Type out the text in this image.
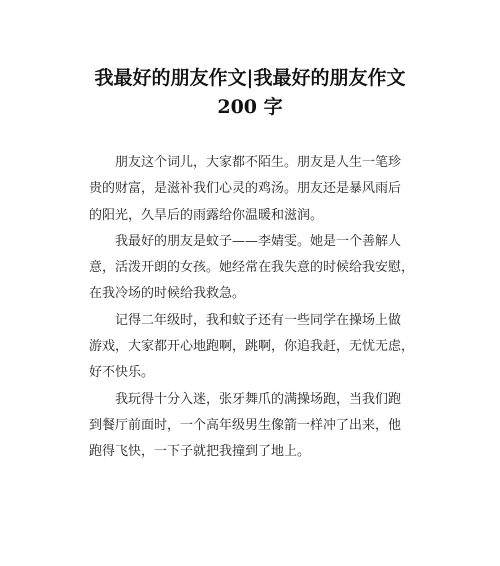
我最好的朋友作文|我最好的朋友作文
200 字
朋友这个词儿，大家都不陌生。朋友是人生一笔珍
贵的财富，是滋补我们心灵的鸡汤。朋友还是暴风雨后
的阳光，久旱后的雨露给你温暖和滋润。
我最好的朋友是蚊子——李婧雯。她是一个善解人
意，活泼开朗的女孩。她经常在我失意的时候给我安慰，
在我冷场的时候给我救急。
记得二年级时，我和蚊子还有一些同学在操场上做
游戏，大家都开心地跑啊，跳啊，你追我赶，无忧无虑，
好不快乐。
我玩得十分入迷，张牙舞爪的满操场跑，当我们跑
到餐厅前面时，一个高年级男生像箭一样冲了出来，他
跑得飞快，一下子就把我撞到了地上。
